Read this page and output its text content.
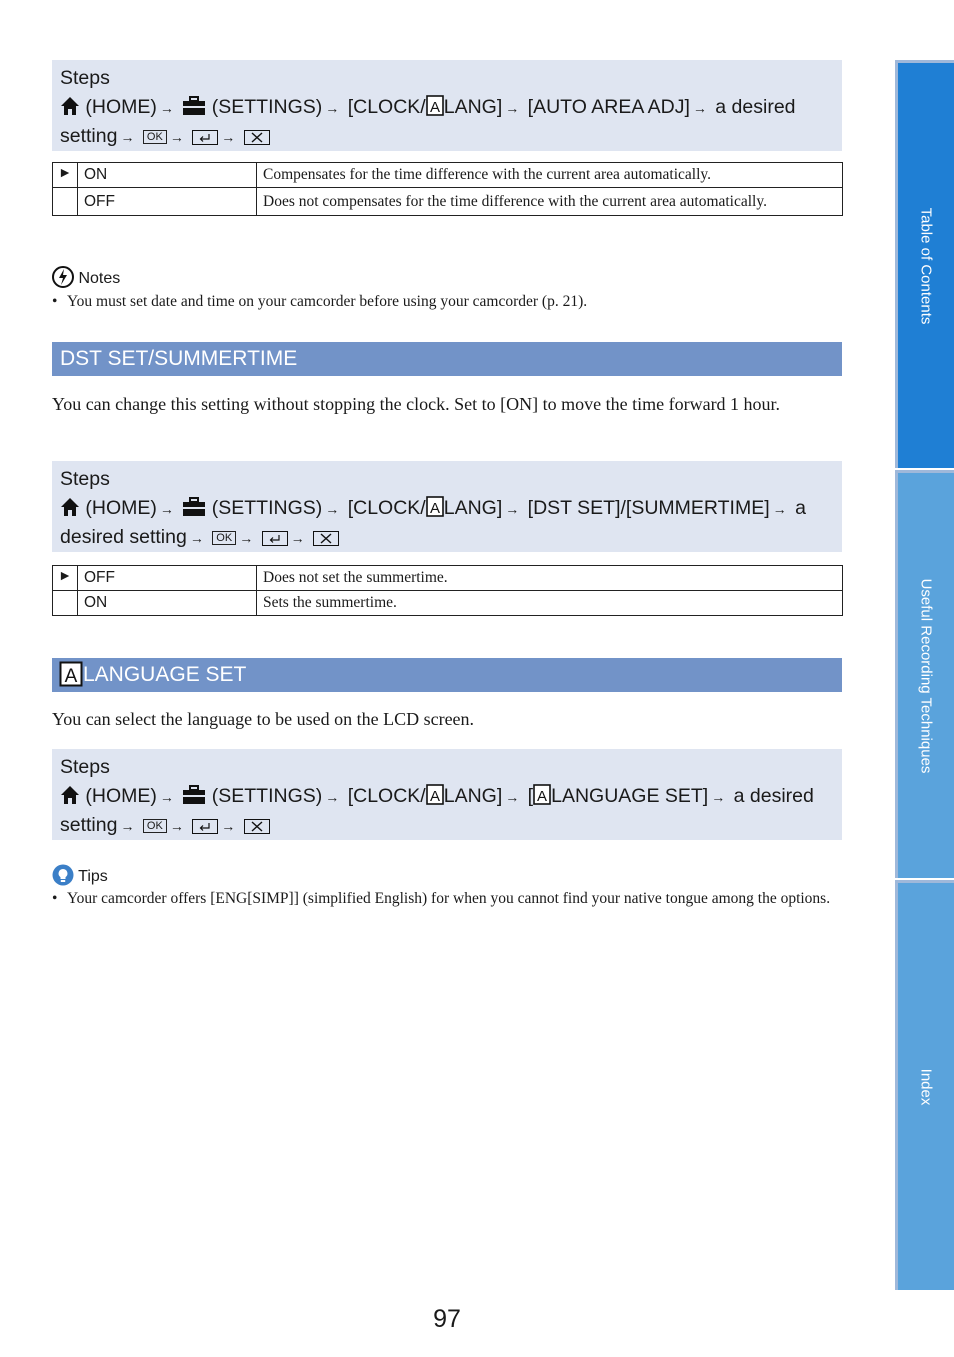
Steps
(HOME) → (SETTINGS) → [CLOCK/ A LANG] → [AUTO AREA ADJ] → a desired
setting → OK →	→
►	ON	Compensates for the time difference with the current area automatically.
	OFF	Does not compensates for the time difference with the current area automatically.
Notes
• You must set date and time on your camcorder before using your camcorder (p. 21).
DST SET/SUMMERTIME
You can change this setting without stopping the clock. Set to [ON] to move the time forward 1 hour.
Steps
(HOME) → (SETTINGS) → [CLOCK/ A LANG] → [DST SET]/[SUMMERTIME] → a
desired setting → OK →	→
►	OFF	Does not set the summertime.
	ON	Sets the summertime.
A LANGUAGE SET
You can select the language to be used on the LCD screen.
Steps
(HOME) → (SETTINGS) → [CLOCK/ A LANG] → [ A LANGUAGE SET] → a desired
setting → OK →	→
Tips
• Your camcorder offers [ENG[SIMP]] (simplified English) for when you cannot find your native tongue among the options.
Table of Contents
Useful Recording Techniques
Index
97
